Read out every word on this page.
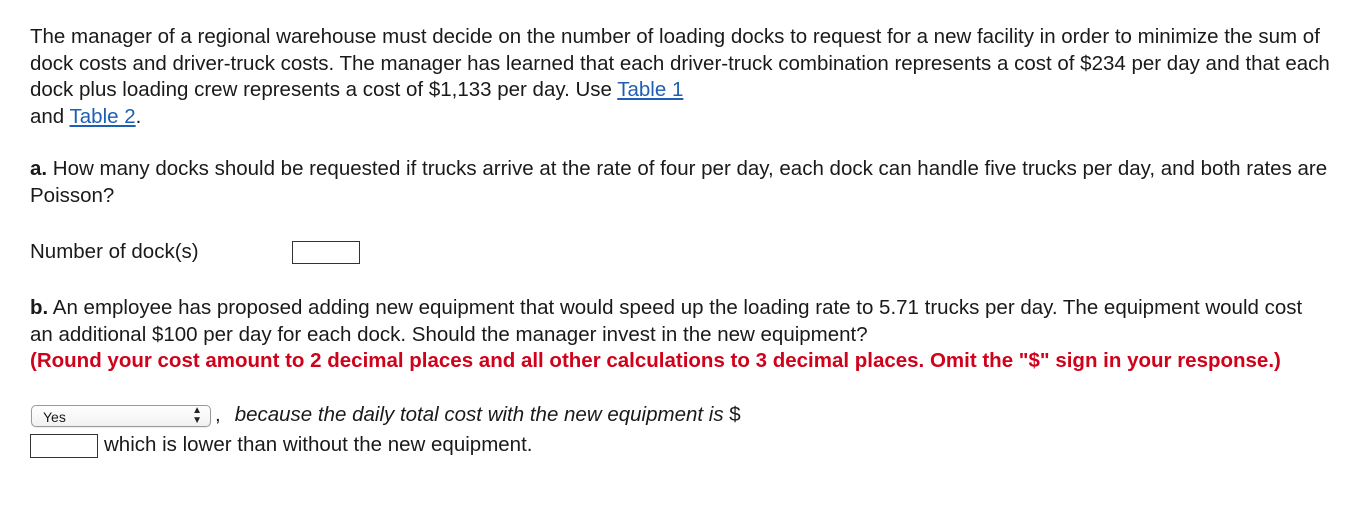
The manager of a regional warehouse must decide on the number of loading docks to request for a new facility in order to minimize the sum of dock costs and driver-truck costs. The manager has learned that each driver-truck combination represents a cost of $234 per day and that each dock plus loading crew represents a cost of $1,133 per day. Use Table 1
and Table 2.

a. How many docks should be requested if trucks arrive at the rate of four per day, each dock can handle five trucks per day, and both rates are Poisson?

Number of dock(s)

b. An employee has proposed adding new equipment that would speed up the loading rate to 5.71 trucks per day. The equipment would cost an additional $100 per day for each dock. Should the manager invest in the new equipment?
(Round your cost amount to 2 decimal places and all other calculations to 3 decimal places. Omit the "$" sign in your response.)

Yes	▲
▼ , because the daily total cost with the new equipment is
$
which is lower than without the new equipment.
